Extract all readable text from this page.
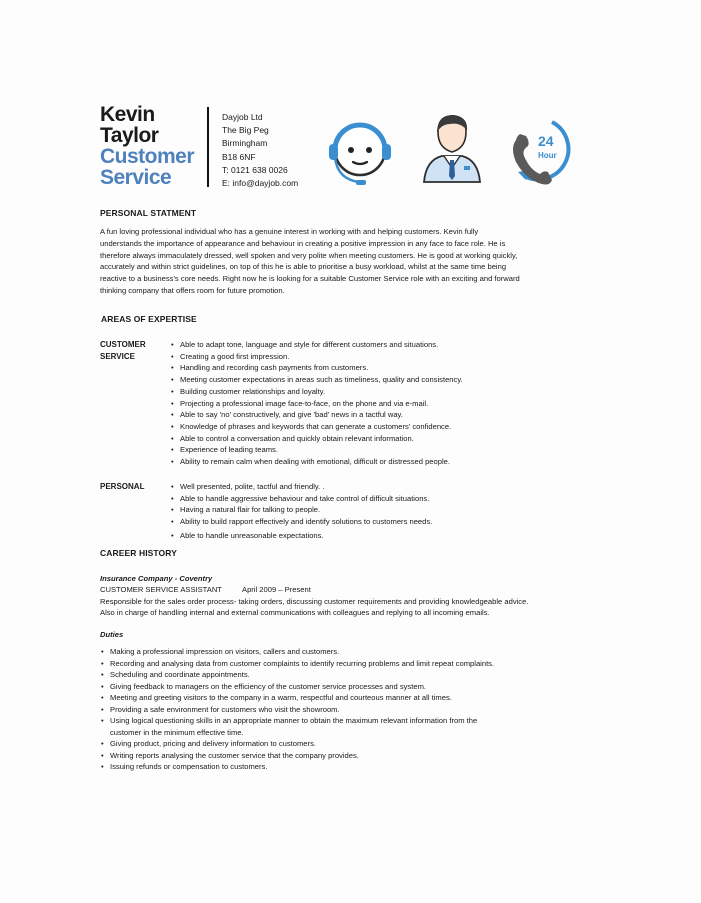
Kevin
Taylor
Customer
Service
Dayjob Ltd
The Big Peg
Birmingham
B18 6NF
T: 0121 638 0026
E: info@dayjob.com
24
Hour
PERSONAL STATMENT

A fun loving professional individual who has a genuine interest in working with and helping customers. Kevin fully

understands the importance of appearance and behaviour in creating a positive impression in any face to face role. He is

therefore always immaculately dressed, well spoken and very polite when meeting customers. He is good at working quickly,

accurately and within strict guidelines, on top of this he is able to prioritise a busy workload, whilst at the same time being

reactive to a business's core needs. Right now he is looking for a suitable Customer Service role with an exciting and forward

thinking company that offers room for future promotion.

AREAS OF EXPERTISE
CUSTOMER
SERVICE
• Able to adapt tone, language and style for different customers and situations.
• Creating a good first impression.
• Handling and recording cash payments from customers.
• Meeting customer expectations in areas such as timeliness, quality and consistency.
• Building customer relationships and loyalty.
• Projecting a professional image face-to-face, on the phone and via e-mail.
• Able to say 'no' constructively, and give 'bad' news in a tactful way.
• Knowledge of phrases and keywords that can generate a customers' confidence.
• Able to control a conversation and quickly obtain relevant information.
• Experience of leading teams.
• Ability to remain calm when dealing with emotional, difficult or distressed people.
PERSONAL
•	Well presented, polite, tactful and friendly. .
• Able to handle aggressive behaviour and take control of difficult situations.
• Having a natural flair for talking to people.
• Ability to build rapport effectively and identify solutions to customers needs.
• Able to handle unreasonable expectations.
CAREER HISTORY
Insurance Company - Coventry
CUSTOMER SERVICE ASSISTANT	April 2009 – Present
Responsible for the sales order process- taking orders, discussing customer requirements and providing knowledgeable advice.
Also in charge of handling internal and external communications with colleagues and replying to all incoming emails.
Duties
• Making a professional impression on visitors, callers and customers.
• Recording and analysing data from customer complaints to identify recurring problems and limit repeat complaints.
• Scheduling and coordinate appointments.
• Giving feedback to managers on the efficiency of the customer service processes and system.
• Meeting and greeting visitors to the company in a warm, respectful and courteous manner at all times.
• Providing a safe environment for customers who visit the showroom.
• Using logical questioning skills in an appropriate manner to obtain the maximum relevant information from the
customer in the minimum effective time.
• Giving product, pricing and delivery information to customers.
• Writing reports analysing the customer service that the company provides.
• Issuing refunds or compensation to customers.
